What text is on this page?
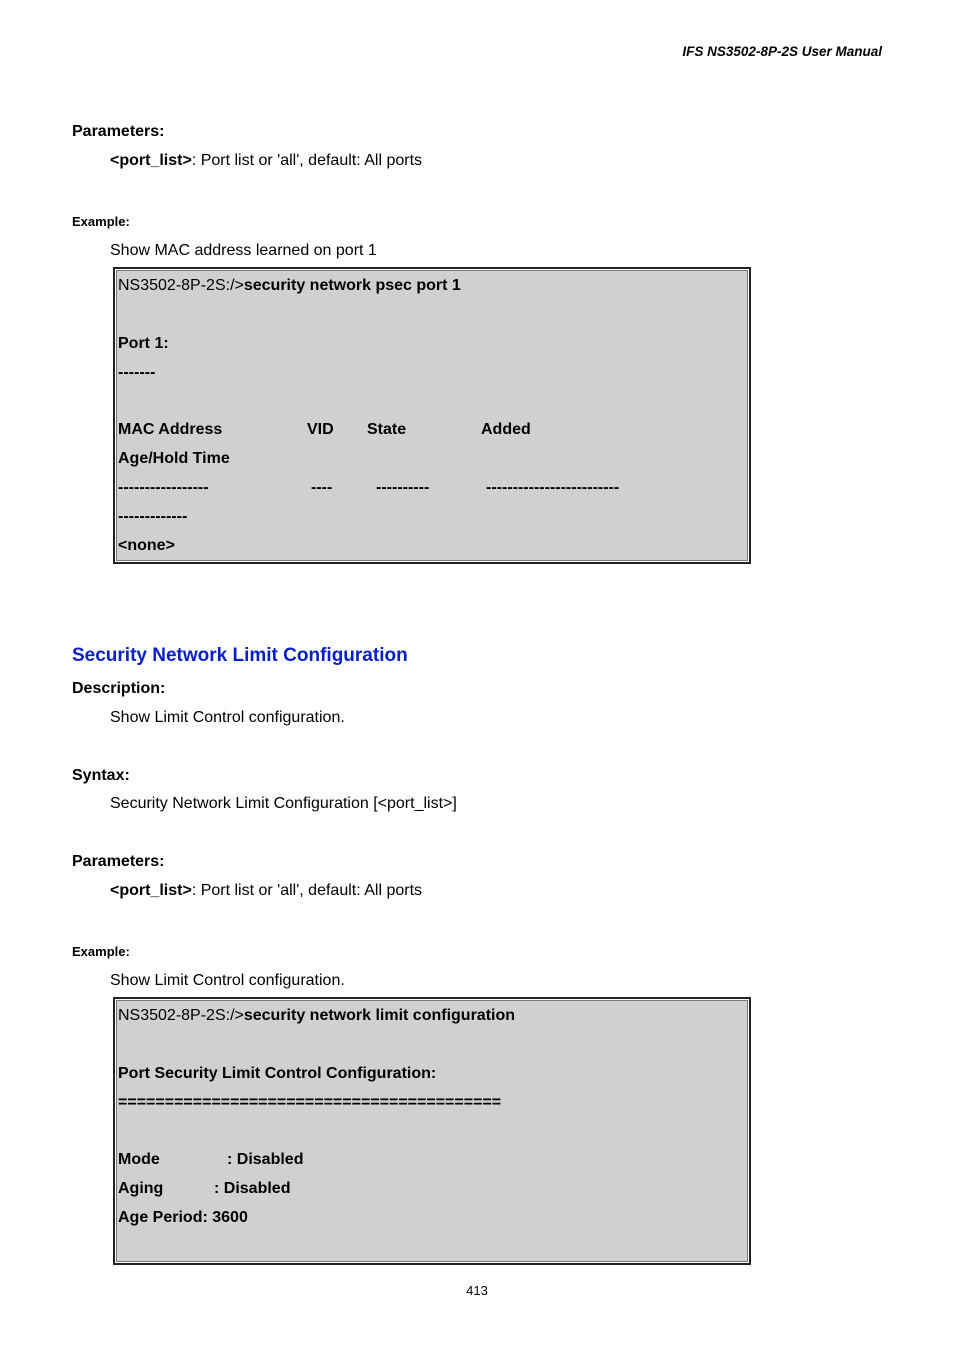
IFS NS3502-8P-2S User Manual
Parameters:
<port_list>: Port list or 'all', default: All ports
Example:
Show MAC address learned on port 1
NS3502-8P-2S:/>security network psec port 1
Port 1:
-------
MAC Address	VID State	Added
Age/Hold Time
-----------------	----	----------	-------------------------
-------------
<none>
Security Network Limit Configuration
Description:
Show Limit Control configuration.
Syntax:
Security Network Limit Configuration [<port_list>]
Parameters:
<port_list>: Port list or 'all', default: All ports
Example:
Show Limit Control configuration.
NS3502-8P-2S:/>security network limit configuration
Port Security Limit Control Configuration:
=========================================
Mode	: Disabled
Aging	: Disabled
Age Period: 3600
413
